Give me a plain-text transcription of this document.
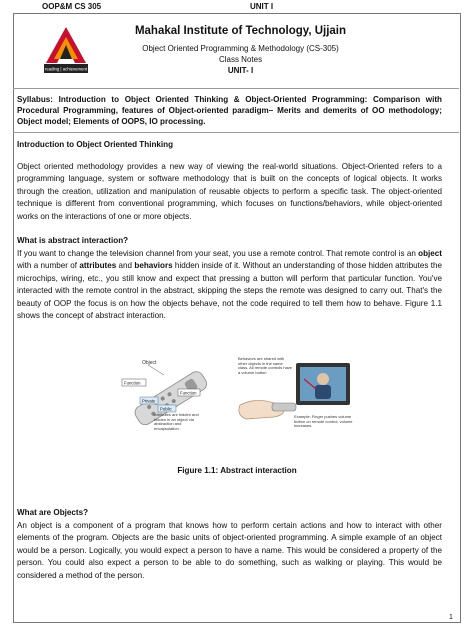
OOP&M CS 305	UNIT I
reading | achievement
Mahakal Institute of Technology, Ujjain
Object Oriented Programming & Methodology (CS-305)
Class Notes
UNIT- I
Syllabus: Introduction to Object Oriented Thinking & Object-Oriented Programming: Comparison with Procedural Programming, features of Object-oriented paradigm– Merits and demerits of OO methodology; Object model; Elements of OOPS, IO processing.
Introduction to Object Oriented Thinking
Object oriented methodology provides a new way of viewing the real-world situations. Object-Oriented refers to a programming language, system or software methodology that is built on the concepts of logical objects. It works through the creation, utilization and manipulation of reusable objects to perform a specific task. The object-oriented technique is different from conventional programming, which focuses on functions/behaviors, while object-oriented works on the interactions of one or more objects.
What is abstract interaction?
If you want to change the television channel from your seat, you use a remote control. That remote control is an object with a number of attributes and behaviors hidden inside of it. Without an understanding of those hidden attributes the microchips, wiring, etc., you still know and expect that pressing a button will perform that particular function. You've interacted with the remote control in the abstract, skipping the steps the remote was designed to carry out. That's the beauty of OOP the focus is on how the objects behave, not the code required to tell them how to behave. Figure 1.1 shows the concept of abstract interaction.
Object
Function
Function
Private
Public
Attributes are hidden and hidden in an object via abstraction and encapsulation.
Behaviors are shared with other objects in the same class. All remote controls have a volume button
Example: Finger pushes volume button on remote control, volume increases.
Figure 1.1: Abstract interaction
What are Objects?
An object is a component of a program that knows how to perform certain actions and how to interact with other elements of the program. Objects are the basic units of object-oriented programming. A simple example of an object would be a person. Logically, you would expect a person to have a name. This would be considered a property of the person. You could also expect a person to be able to do something, such as walking or playing. This would be considered a method of the person.
1
